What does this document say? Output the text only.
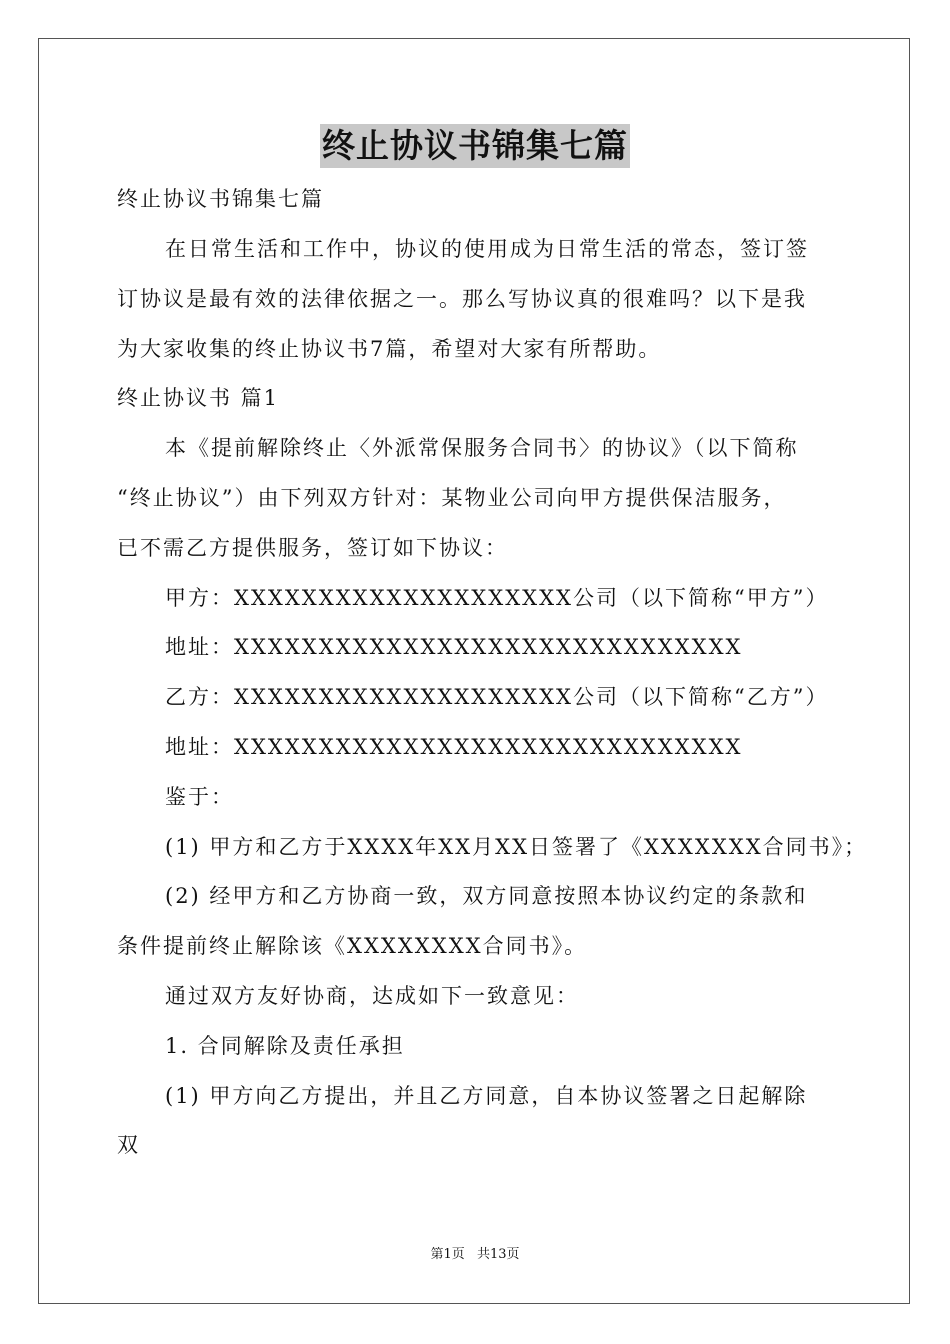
终止协议书锦集七篇
终止协议书锦集七篇
在日常生活和工作中，协议的使用成为日常生活的常态，签订签
订协议是最有效的法律依据之一。那么写协议真的很难吗？以下是我
为大家收集的终止协议书7篇，希望对大家有所帮助。
终止协议书 篇1
本《提前解除终止〈外派常保服务合同书〉的协议》（以下简称
“终止协议”）由下列双方针对：某物业公司向甲方提供保洁服务，
已不需乙方提供服务，签订如下协议：
甲方：XXXXXXXXXXXXXXXXXXXX公司（以下简称“甲方”）
地址：XXXXXXXXXXXXXXXXXXXXXXXXXXXXXX
乙方：XXXXXXXXXXXXXXXXXXXX公司（以下简称“乙方”）
地址：XXXXXXXXXXXXXXXXXXXXXXXXXXXXXX
鉴于：
(1) 甲方和乙方于XXXX年XX月XX日签署了《XXXXXXX合同书》；
(2) 经甲方和乙方协商一致，双方同意按照本协议约定的条款和
条件提前终止解除该《XXXXXXXX合同书》。
通过双方友好协商，达成如下一致意见：
1. 合同解除及责任承担
(1) 甲方向乙方提出，并且乙方同意，自本协议签署之日起解除
双
第1页 共13页
